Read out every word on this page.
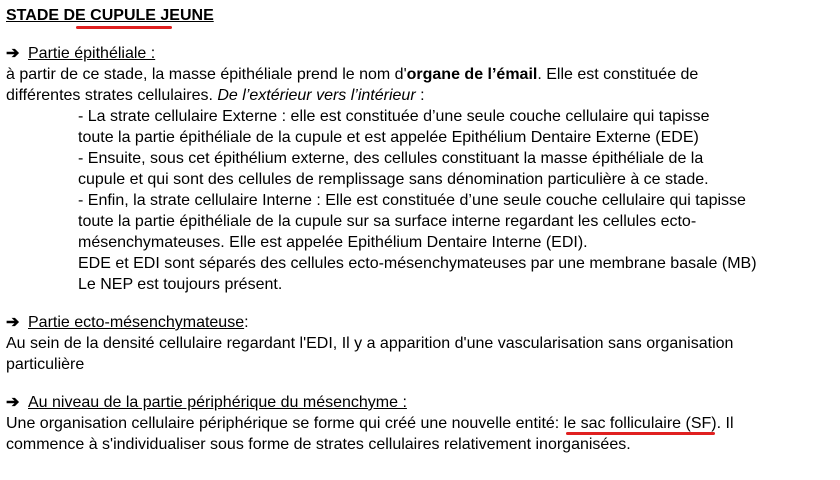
STADE DE CUPULE JEUNE
➔ Partie épithéliale :

à partir de ce stade, la masse épithéliale prend le nom d'organe de l’émail. Elle est constituée de

différentes strates cellulaires. De l’extérieur vers l’intérieur :

- La strate cellulaire Externe : elle est constituée d’une seule couche cellulaire qui tapisse

toute la partie épithéliale de la cupule et est appelée Epithélium Dentaire Externe (EDE)

- Ensuite, sous cet épithélium externe, des cellules constituant la masse épithéliale de la

cupule et qui sont des cellules de remplissage sans dénomination particulière à ce stade.

- Enfin, la strate cellulaire Interne : Elle est constituée d’une seule couche cellulaire qui tapisse

toute la partie épithéliale de la cupule sur sa surface interne regardant les cellules ecto-

mésenchymateuses. Elle est appelée Epithélium Dentaire Interne (EDI).

EDE et EDI sont séparés des cellules ecto-mésenchymateuses par une membrane basale (MB)

Le NEP est toujours présent.

➔ Partie ecto-mésenchymateuse:

Au sein de la densité cellulaire regardant l'EDI, Il y a apparition d'une vascularisation sans organisation

particulière

➔ Au niveau de la partie périphérique du mésenchyme :

Une organisation cellulaire périphérique se forme qui créé une nouvelle entité: le sac folliculaire (SF)
. Il

commence à s'individualiser sous forme de strates cellulaires relativement inorganisées.
